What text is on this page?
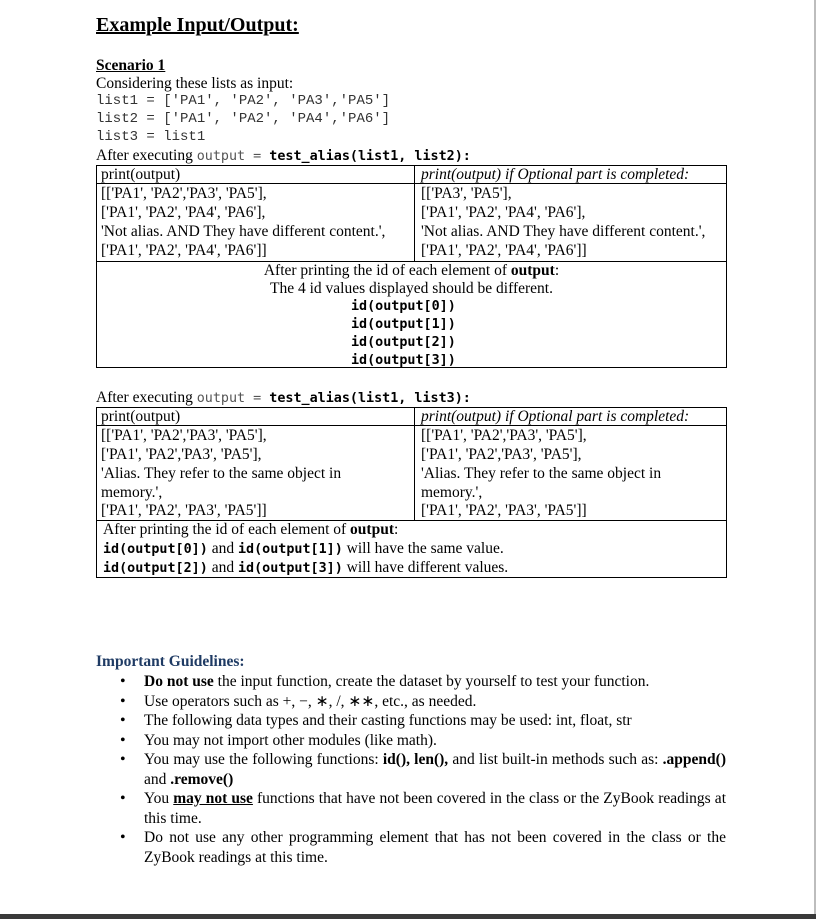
Example Input/Output:
Scenario 1
Considering these lists as input:
list1 = ['PA1', 'PA2', 'PA3','PA5']
list2 = ['PA1', 'PA2', 'PA4','PA6']
list3 = list1
After executing output = test_alias(list1, list2):
print(output)	print(output) if Optional part is completed:
[['PA1', 'PA2','PA3', 'PA5'],
['PA1', 'PA2', 'PA4', 'PA6'],
'Not alias. AND They have different content.',
['PA1', 'PA2', 'PA4', 'PA6']]
[['PA3', 'PA5'],
['PA1', 'PA2', 'PA4', 'PA6'],
'Not alias. AND They have different content.',
['PA1', 'PA2', 'PA4', 'PA6']]
After printing the id of each element of output:
The 4 id values displayed should be different.
id(output[0])
id(output[1])
id(output[2])
id(output[3])
After executing output = test_alias(list1, list3):
print(output)	print(output) if Optional part is completed:
[['PA1', 'PA2','PA3', 'PA5'],
['PA1', 'PA2','PA3', 'PA5'],
'Alias. They refer to the same object in
memory.',
['PA1', 'PA2', 'PA3', 'PA5']]
[['PA1', 'PA2','PA3', 'PA5'],
['PA1', 'PA2','PA3', 'PA5'],
'Alias. They refer to the same object in
memory.',
['PA1', 'PA2', 'PA3', 'PA5']]
After printing the id of each element of output:
id(output[0]) and id(output[1]) will have the same value.
id(output[2]) and id(output[3]) will have different values.
Important Guidelines:
• Do not use the input function, create the dataset by yourself to test your function.
• Use operators such as +, −, ∗, /, ∗∗, etc., as needed.
• The following data types and their casting functions may be used: int, float, str
• You may not import other modules (like math).
• You may use the following functions: id(), len(), and list built-in methods such as: .append() and .remove()
• You may not use functions that have not been covered in the class or the ZyBook readings at this time.
• Do not use any other programming element that has not been covered in the class or the ZyBook readings at this time.
